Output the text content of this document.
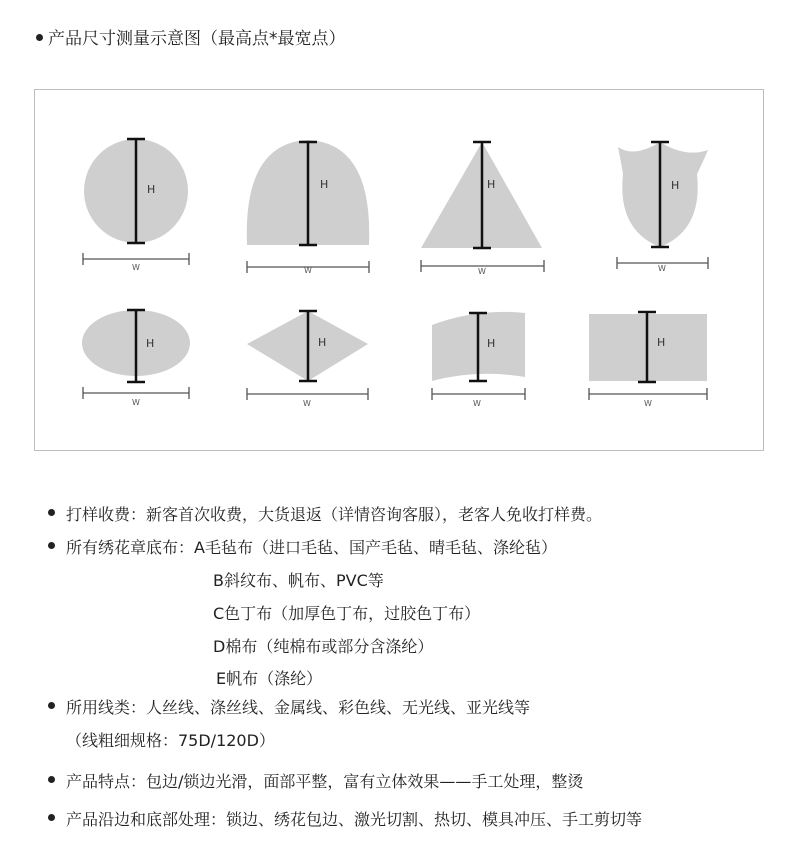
产品尺寸测量示意图（最高点*最宽点）
H
W
H
W
H
W
H
W
H
W
H
W
H
W
H
W
打样收费：新客首次收费，大货退返（详情咨询客服），老客人免收打样费。
所有绣花章底布：A毛毡布（进口毛毡、国产毛毡、晴毛毡、涤纶毡）
B斜纹布、帆布、PVC等
C色丁布（加厚色丁布，过胶色丁布）
D棉布（纯棉布或部分含涤纶）
E帆布（涤纶）
所用线类：人丝线、涤丝线、金属线、彩色线、无光线、亚光线等
（线粗细规格：75D/120D）
产品特点：包边/锁边光滑，面部平整，富有立体效果——手工处理，整烫
产品沿边和底部处理：锁边、绣花包边、激光切割、热切、模具冲压、手工剪切等
